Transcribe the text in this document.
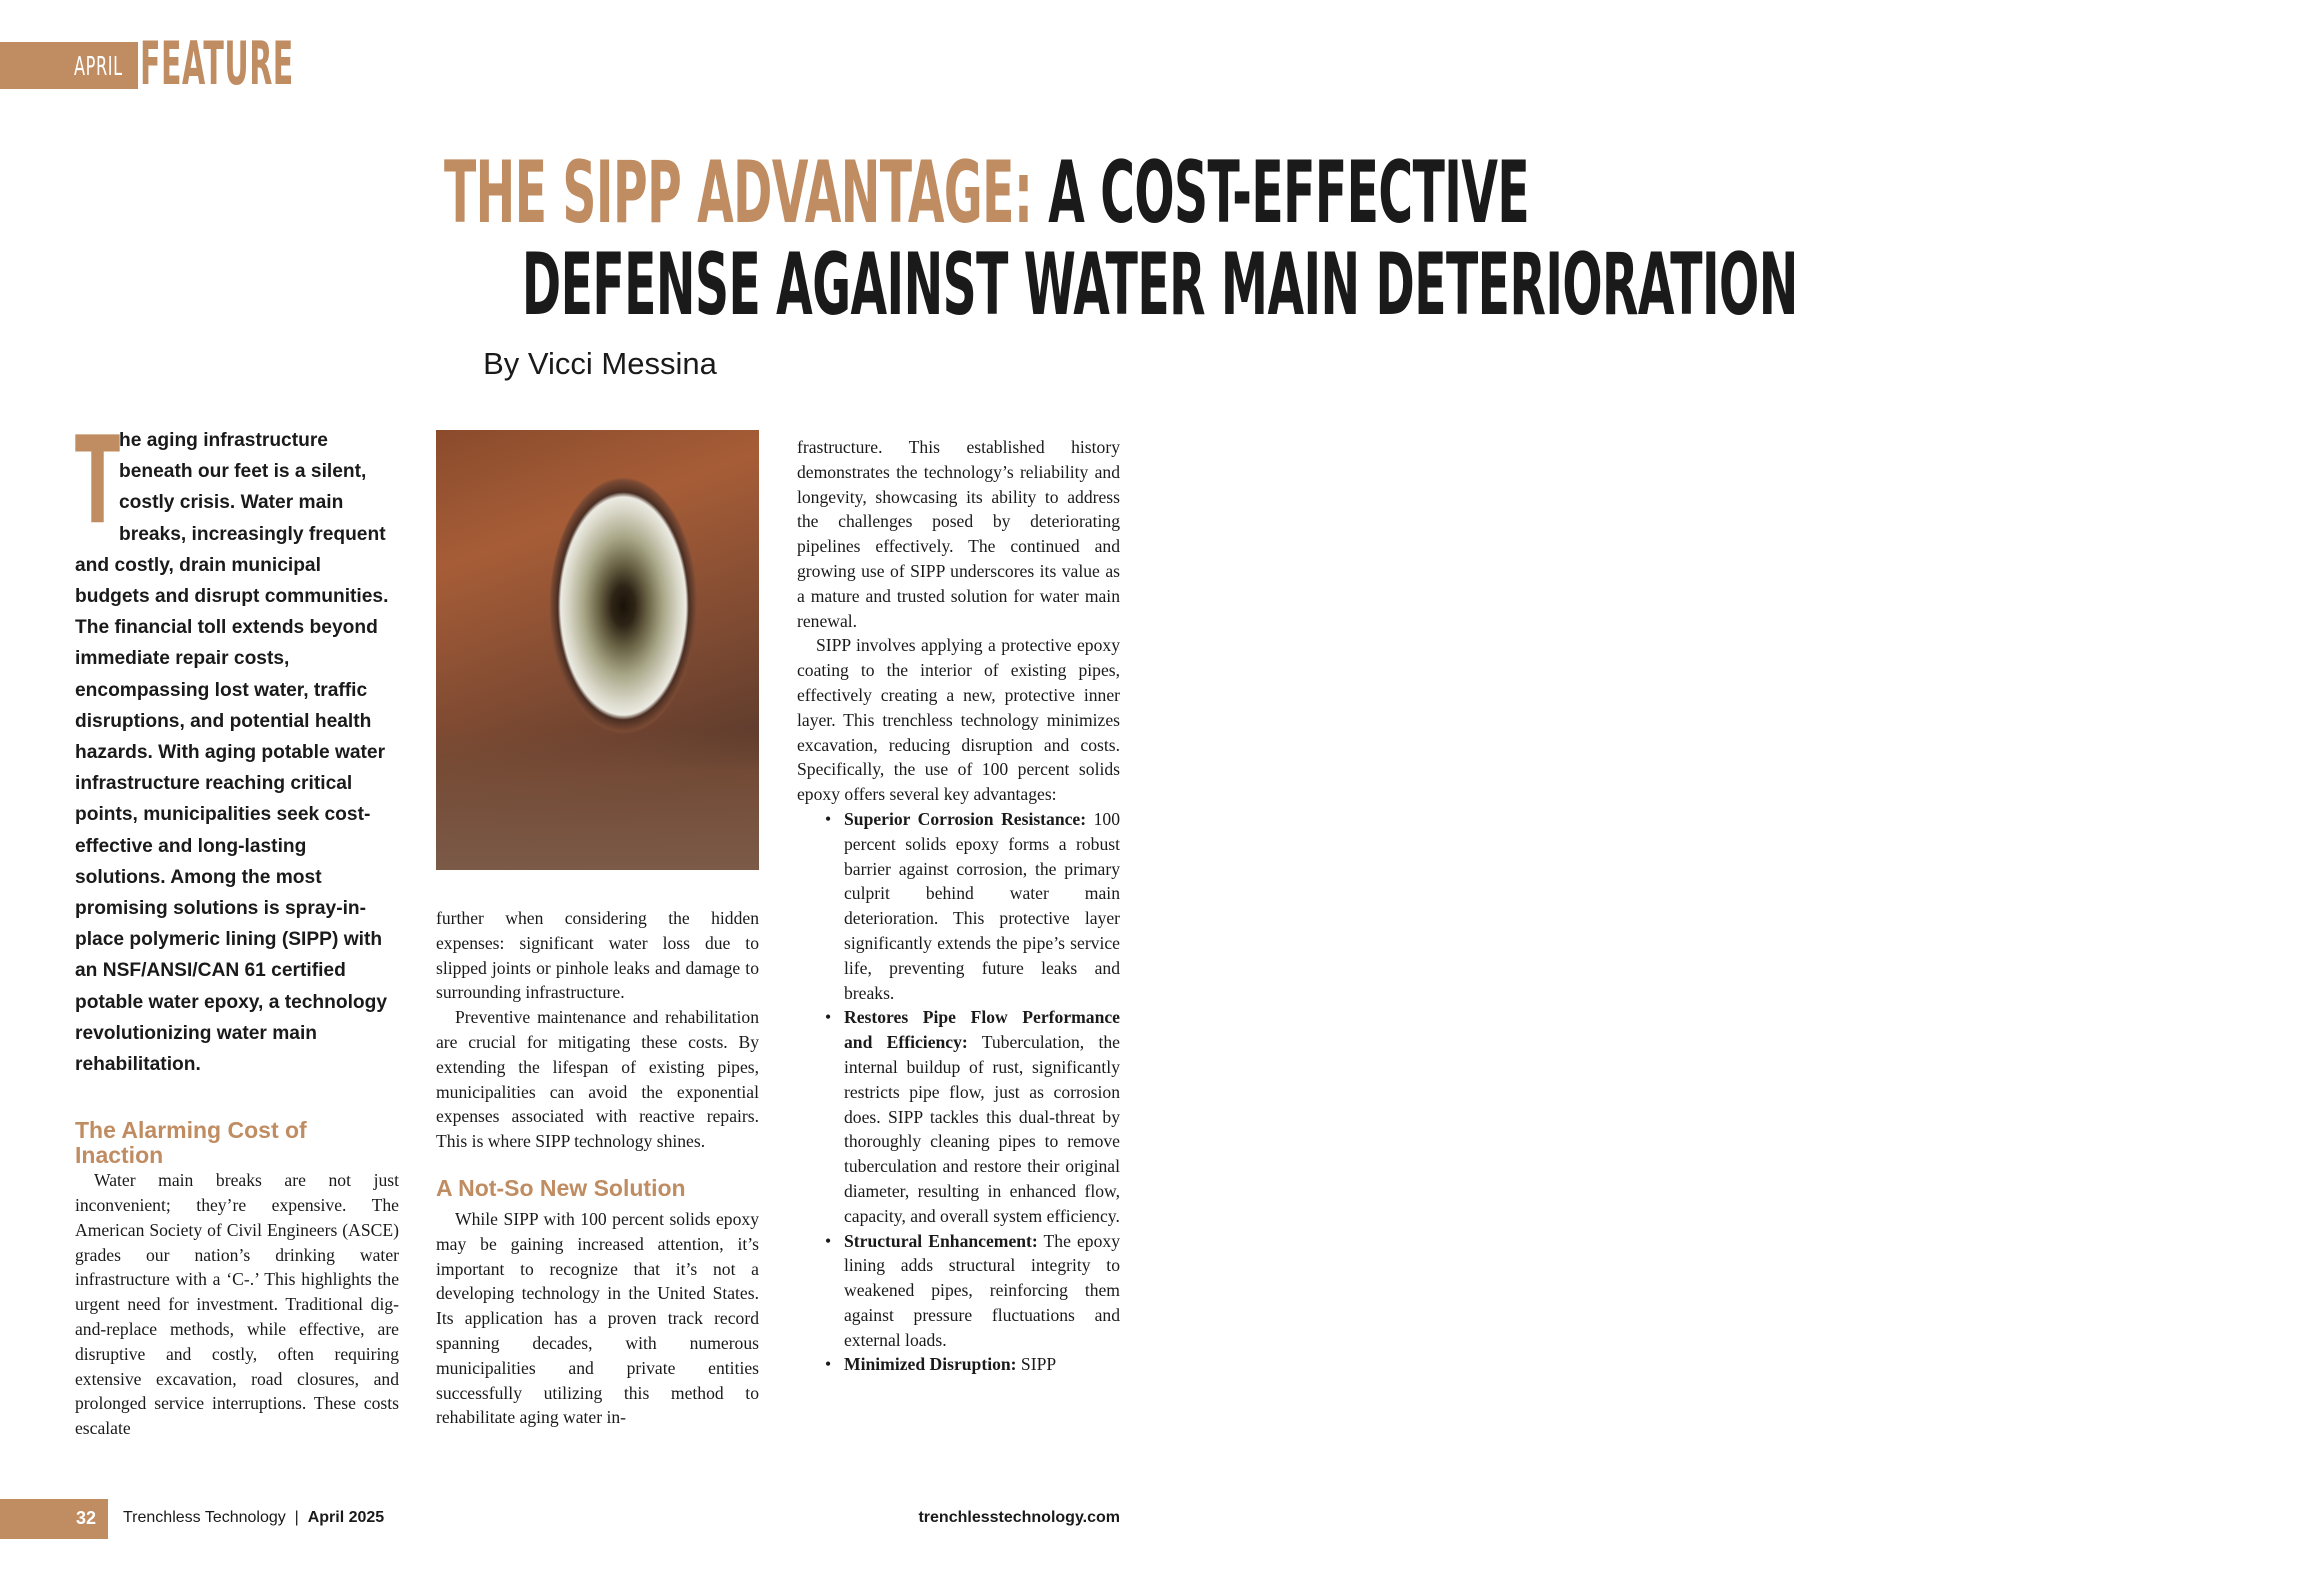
APRIL FEATURE
THE SIPP ADVANTAGE: A COST-EFFECTIVE
DEFENSE AGAINST WATER MAIN DETERIORATION
By Vicci Messina

T
he aging infrastructure beneath our feet is a silent, costly crisis. Water main breaks, increasingly frequent and costly, drain municipal budgets and disrupt communities. The financial toll extends beyond immediate repair costs, encompassing lost water, traffic disruptions, and potential health hazards. With aging potable water infrastructure reaching critical points, municipalities seek cost-effective and long-lasting solutions. Among the most promising solutions is spray-in-place polymeric lining (SIPP) with an NSF/ANSI/CAN 61 certified potable water epoxy, a technology revolutionizing water main rehabilitation.

The Alarming Cost of Inaction

Water main breaks are not just inconvenient; they’re expensive. The American Society of Civil Engineers (ASCE) grades our nation’s drinking water infrastructure with a ‘C-.’ This highlights the urgent need for investment. Traditional dig-and-replace methods, while effective, are disruptive and costly, often requiring extensive excavation, road closures, and prolonged service interruptions. These costs escalate

further when considering the hidden expenses: significant water loss due to slipped joints or pinhole leaks and damage to surrounding infrastructure.

Preventive maintenance and rehabilitation are crucial for mitigating these costs. By extending the lifespan of existing pipes, municipalities can avoid the exponential expenses associated with reactive repairs. This is where SIPP technology shines.

A Not-So New Solution

While SIPP with 100 percent solids epoxy may be gaining increased attention, it’s important to recognize that it’s not a developing technology in the United States. Its application has a proven track record spanning decades, with numerous municipalities and private entities successfully utilizing this method to rehabilitate aging water in-

frastructure. This established history demonstrates the technology’s reliability and longevity, showcasing its ability to address the challenges posed by deteriorating pipelines effectively. The continued and growing use of SIPP underscores its value as a mature and trusted solution for water main renewal.

SIPP involves applying a protective epoxy coating to the interior of existing pipes, effectively creating a new, protective inner layer. This trenchless technology minimizes excavation, reducing disruption and costs. Specifically, the use of 100 percent solids epoxy offers several key advantages:

• Superior Corrosion Resistance: 100 percent solids epoxy forms a robust barrier against corrosion, the primary culprit behind water main deterioration. This protective layer significantly extends the pipe’s service life, preventing future leaks and breaks.
• Restores Pipe Flow Performance and Efficiency: Tuberculation, the internal buildup of rust, significantly restricts pipe flow, just as corrosion does. SIPP tackles this dual-threat by thoroughly cleaning pipes to remove tuberculation and restore their original diameter, resulting in enhanced flow, capacity, and overall system efficiency.
• Structural Enhancement: The epoxy lining adds structural integrity to weakened pipes, reinforcing them against pressure fluctuations and external loads.
• Minimized Disruption: SIPP
32 Trenchless Technology | April 2025	trenchlesstechnology.com
